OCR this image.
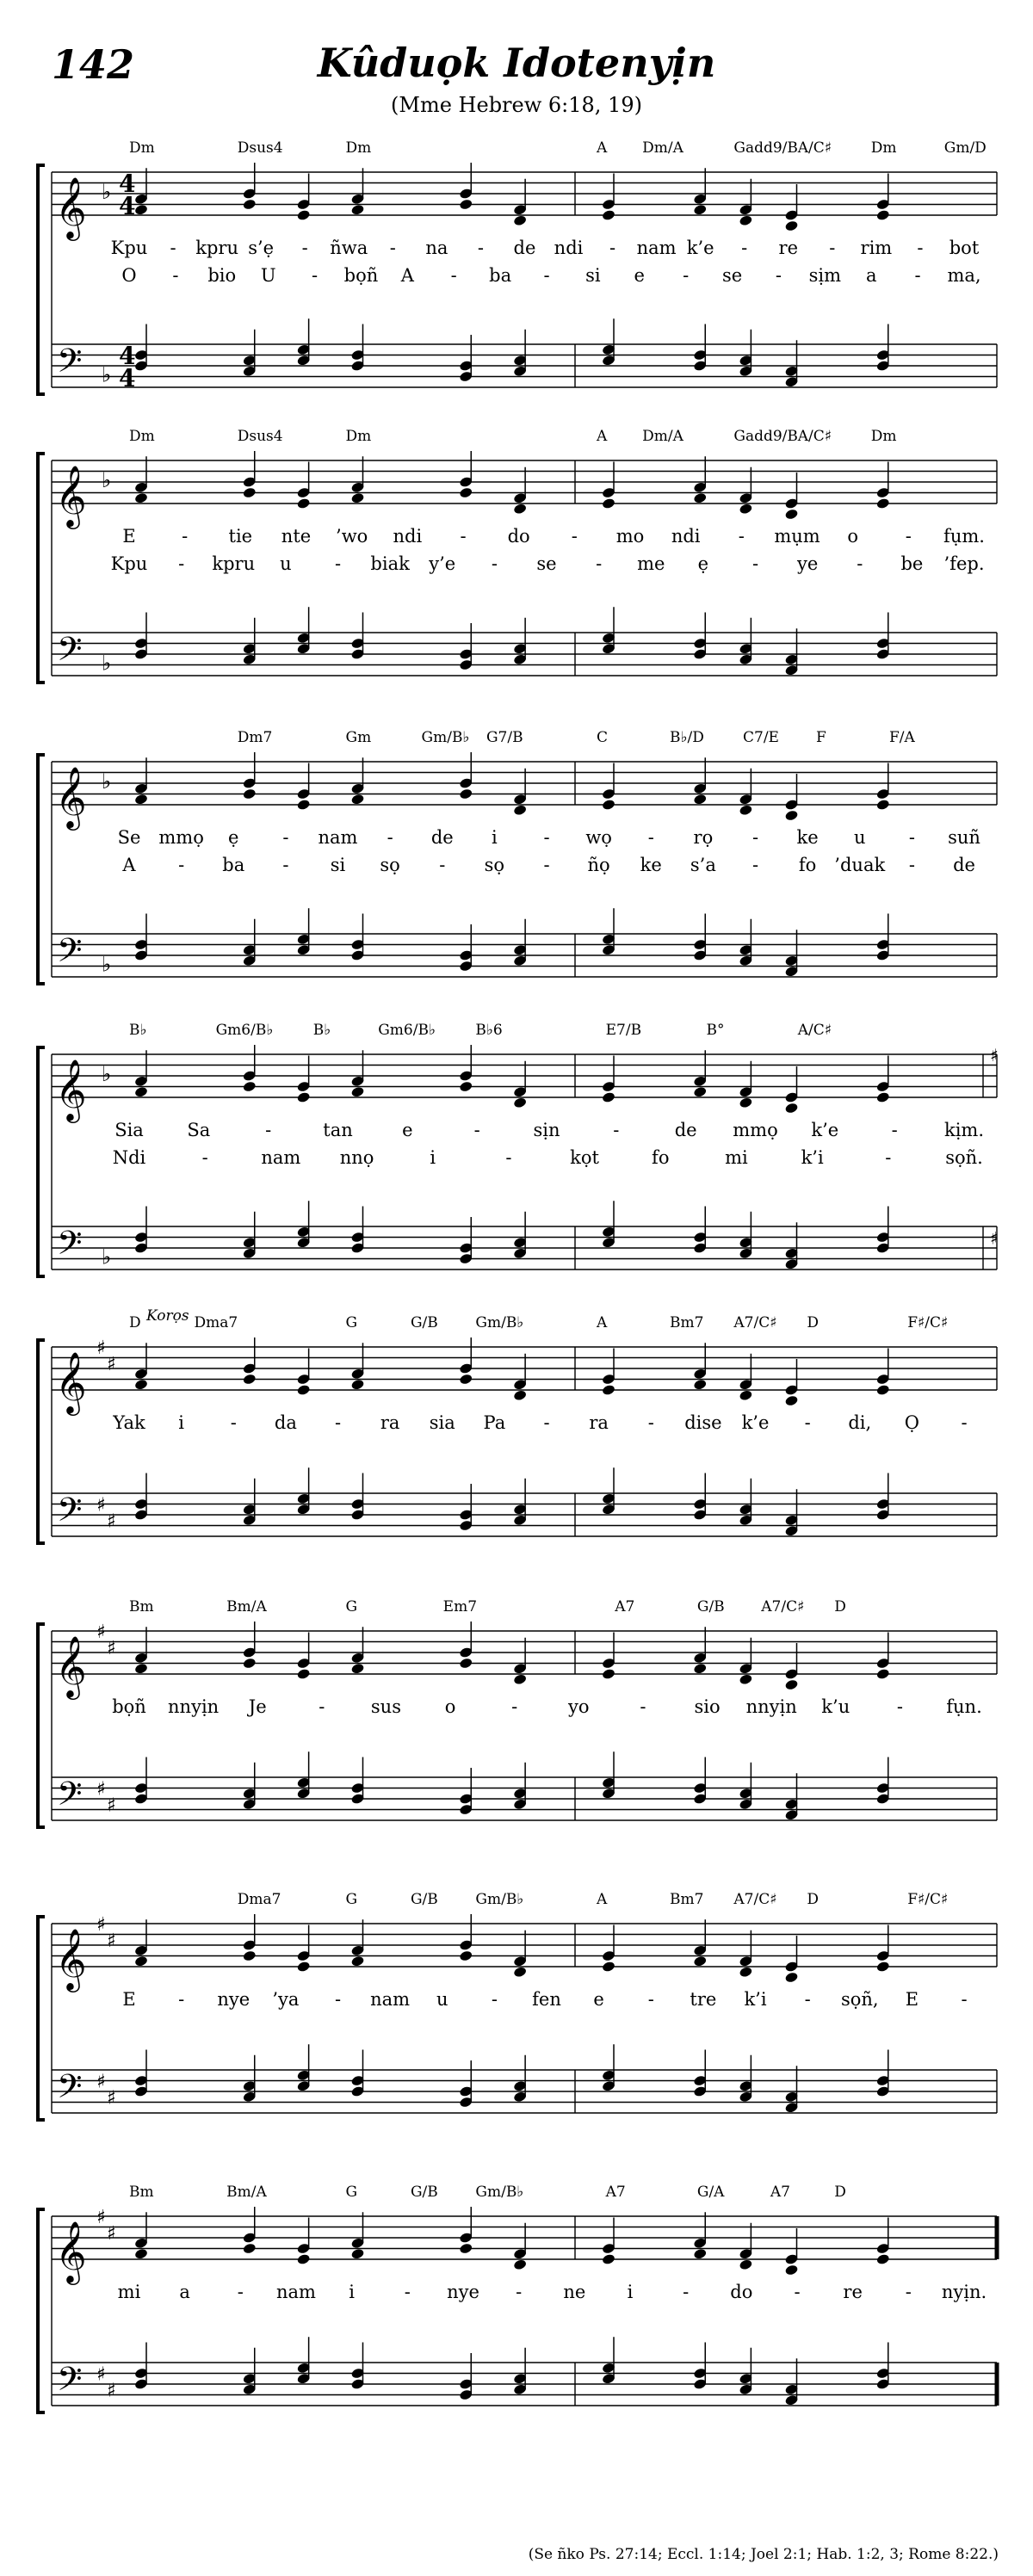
142	Kûduọk Idotenyịn
(Mme Hebrew 6:18, 19)
𝄞
𝄢
♭
♭
4
4
4
4
Dm	Dsus4	Dm	A Dm/A	Gadd9/B A/C♯	Dm	Gm/D
Kpu - kpru s’ẹ - ñwa - na - de ndi - nam k’e - re - rim - bot
O - bio U - bọñ A - ba - si e - se - sịm a - ma,
𝄞
𝄢
♭
♭
Dm	Dsus4	Dm	A Dm/A	Gadd9/B A/C♯	Dm
E	- tie nte ’wo ndi - do - mo ndi - mụm o	- fụm.
Kpu - kpru u - biak y’e - se - me ẹ - ye - be ’fep.
𝄞
𝄢
♭
♭
Dm7	Gm	Gm/B♭ G7/B	C	B♭/D	C7/E	F	F/A
Se mmọ ẹ - nam - de i	- wọ - rọ - ke u - suñ
A - ba - si sọ - sọ - ñọ ke s’a - fo ’duak - de
𝄞
𝄢
♭
♭
♯
♯
B♭	Gm6/B♭	B♭	Gm6/B♭	B♭6	E7/B	B°	A/C♯
Sia Sa	-	tan	e	-	sịn	-	de mmọ k’e	-	kịm.
Ndi	-	nam nnọ	i	-	kọt	fo	mi	k’i	-	sọñ.
𝄞
𝄢
♯
♯
♯
♯
Korọs
D	Dma7	G	G/B	Gm/B♭	A	Bm7 A7/C♯ D	F♯/C♯
Yak i	- da - ra sia Pa - ra - dise k’e - di, Ọ -
𝄞
𝄢
♯
♯
♯
♯
Bm	Bm/A	G	Em7	A7	G/B	A7/C♯ D
bọñ nnyịn Je	-	sus o	-	yo	-	sio nnyịn k’u	- fụn.
𝄞
𝄢
♯
♯
♯
♯
Dma7	G	G/B	Gm/B♭	A	Bm7 A7/C♯ D	F♯/C♯
E - nye ’ya - nam u - fen e - tre k’i - sọñ, E -
𝄞
𝄢
♯
♯
♯
♯
Bm	Bm/A	G	G/B	Gm/B♭	A7	G/A	A7	D
mi a	- nam i	- nye - ne i	- do - re - nyịn.
(Se ñko Ps. 27:14; Eccl. 1:14; Joel 2:1; Hab. 1:2, 3; Rome 8:22.)
